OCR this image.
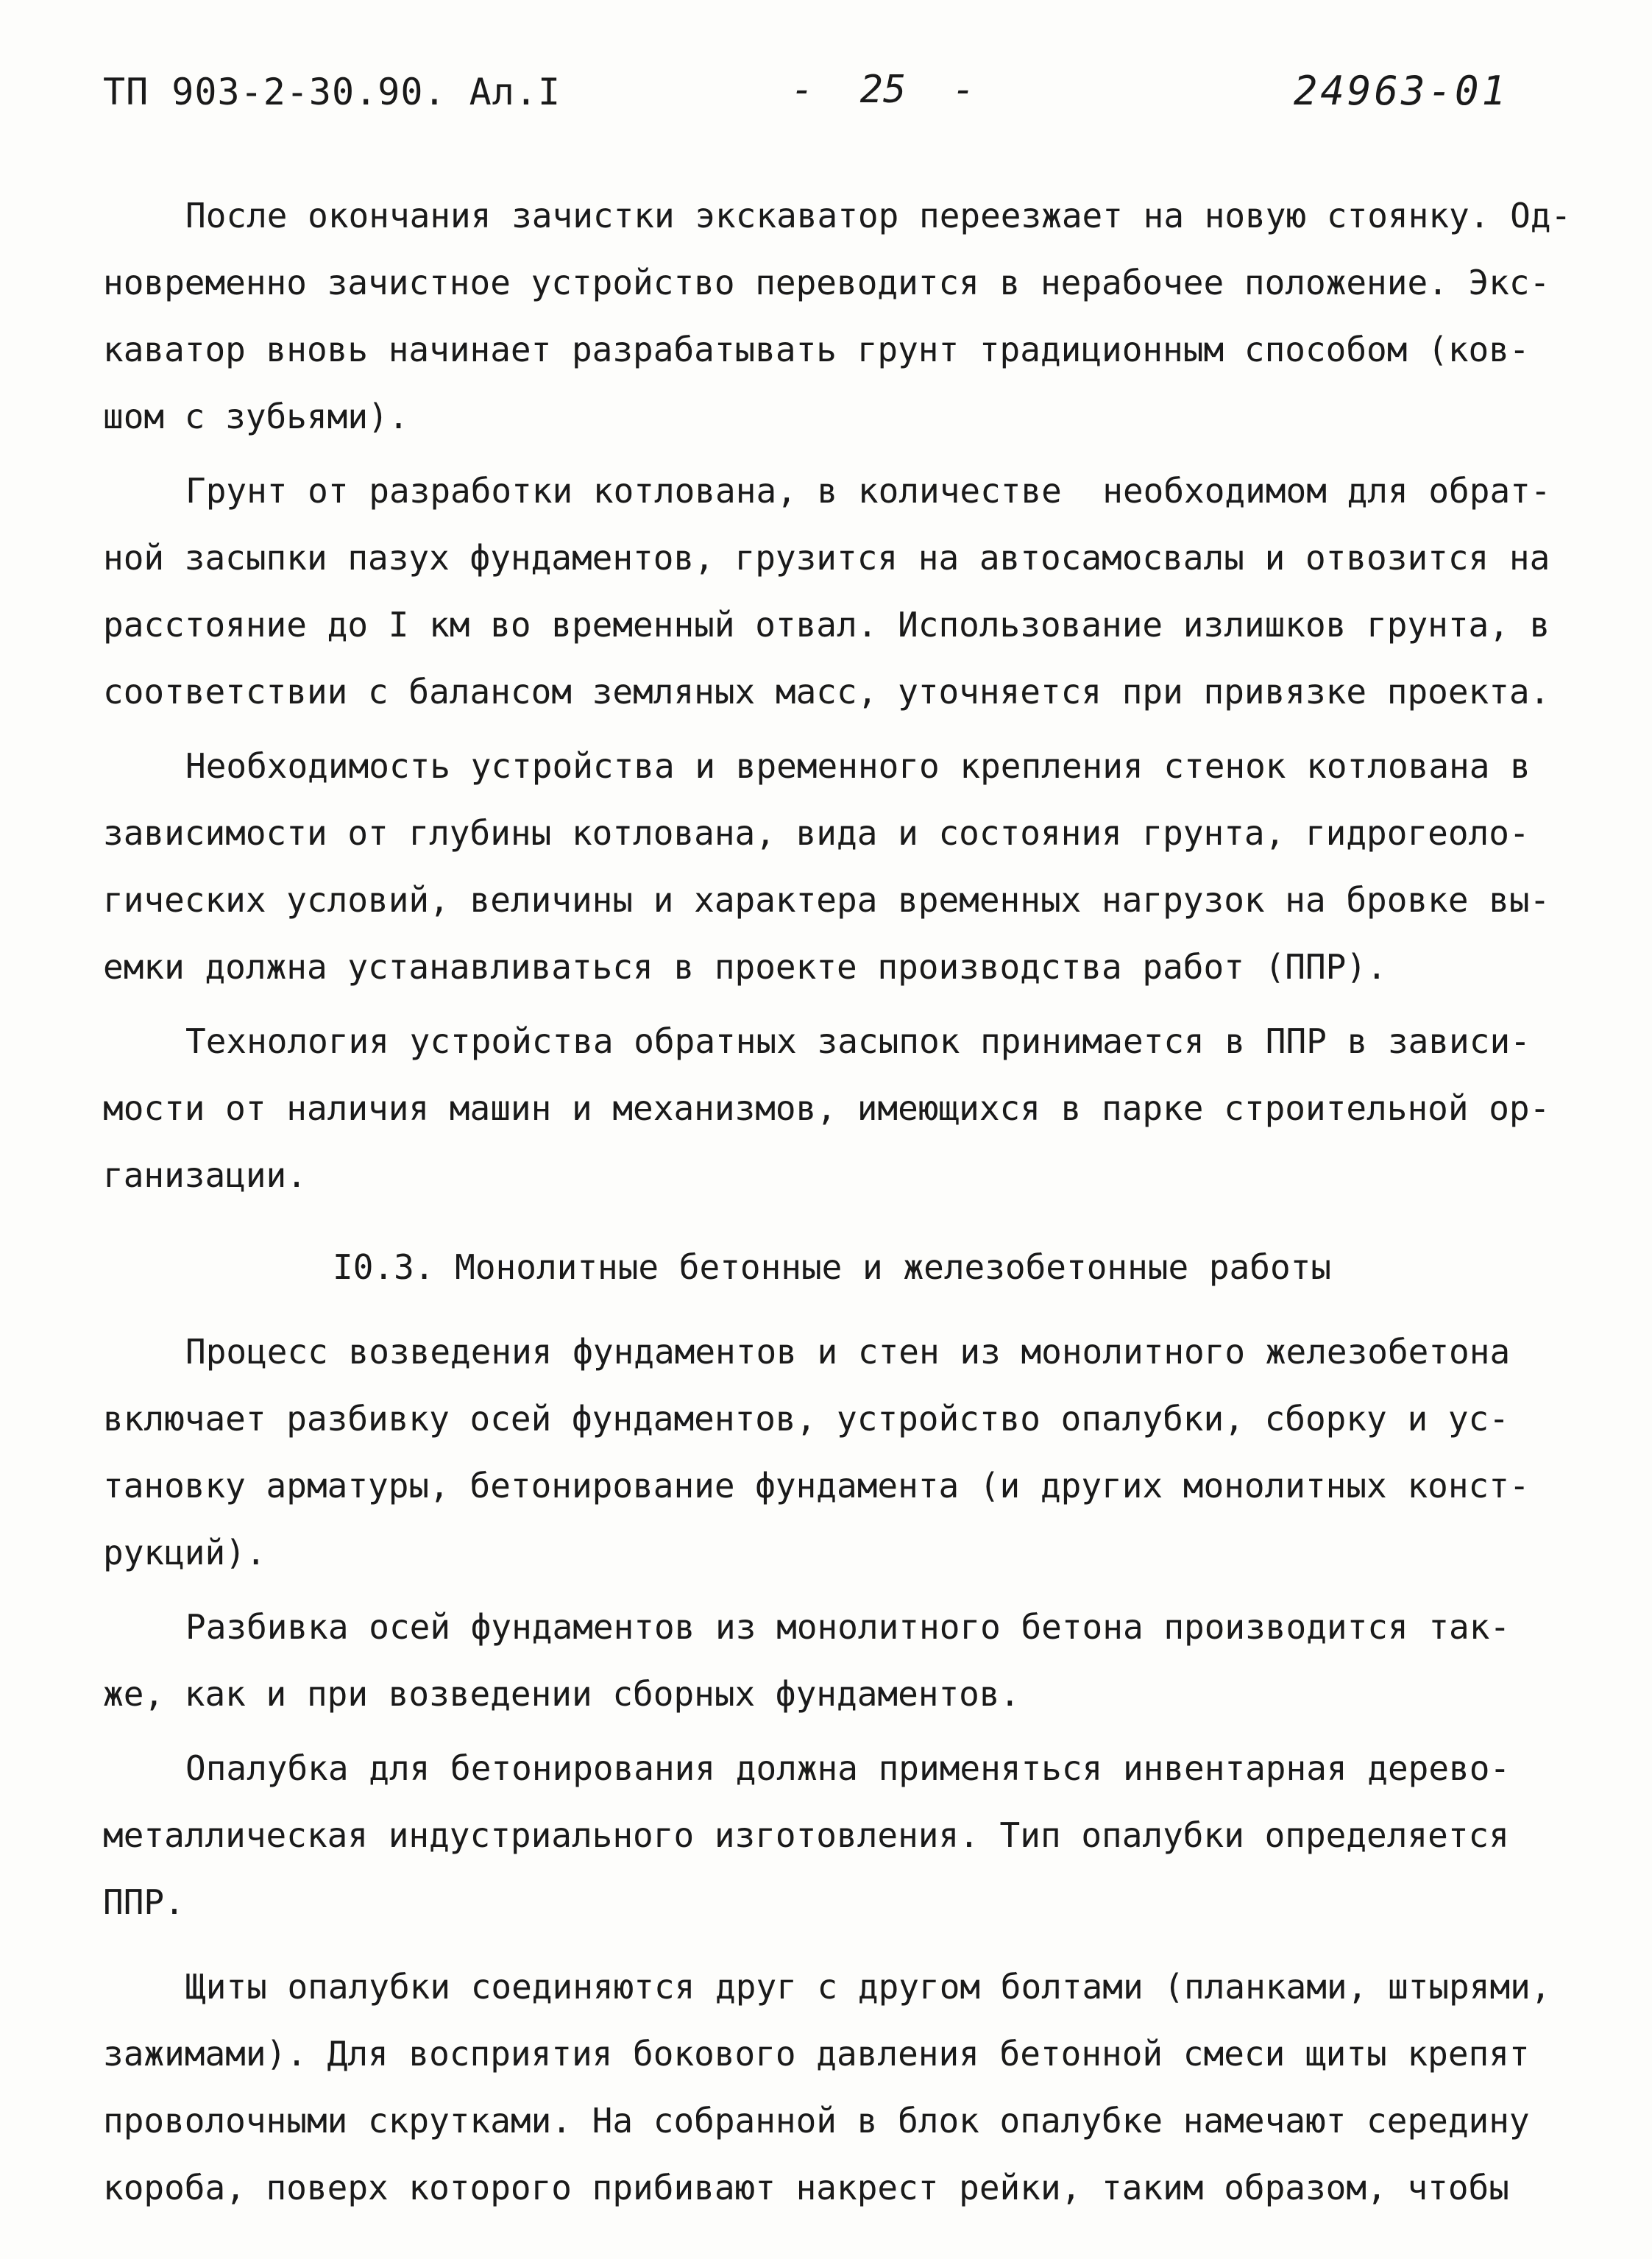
ТП 903-2-30.90. Ал.I	-  25  -	24963-01
После окончания зачистки экскаватор переезжает на новую стоянку. Од-
новременно зачистное устройство переводится в нерабочее положение. Экс-
каватор вновь начинает разрабатывать грунт традиционным способом (ков-
шом с зубьями).
Грунт от разработки котлована, в количестве  необходимом для обрат-
ной засыпки пазух фундаментов, грузится на автосамосвалы и отвозится на
расстояние до I км во временный отвал. Использование излишков грунта, в
соответствии с балансом земляных масс, уточняется при привязке проекта.
Необходимость устройства и временного крепления стенок котлована в
зависимости от глубины котлована, вида и состояния грунта, гидрогеоло-
гических условий, величины и характера временных нагрузок на бровке вы-
емки должна устанавливаться в проекте производства работ (ППР).
Технология устройства обратных засыпок принимается в ППР в зависи-
мости от наличия машин и механизмов, имеющихся в парке строительной ор-
ганизации.
I0.3. Монолитные бетонные и железобетонные работы
Процесс возведения фундаментов и стен из монолитного железобетона
включает разбивку осей фундаментов, устройство опалубки, сборку и ус-
тановку арматуры, бетонирование фундамента (и других монолитных конст-
рукций).
Разбивка осей фундаментов из монолитного бетона производится так-
же, как и при возведении сборных фундаментов.
Опалубка для бетонирования должна применяться инвентарная дерево-
металлическая индустриального изготовления. Тип опалубки определяется
ППР.
Щиты опалубки соединяются друг с другом болтами (планками, штырями,
зажимами). Для восприятия бокового давления бетонной смеси щиты крепят
проволочными скрутками. На собранной в блок опалубке намечают середину
короба, поверх которого прибивают накрест рейки, таким образом, чтобы
